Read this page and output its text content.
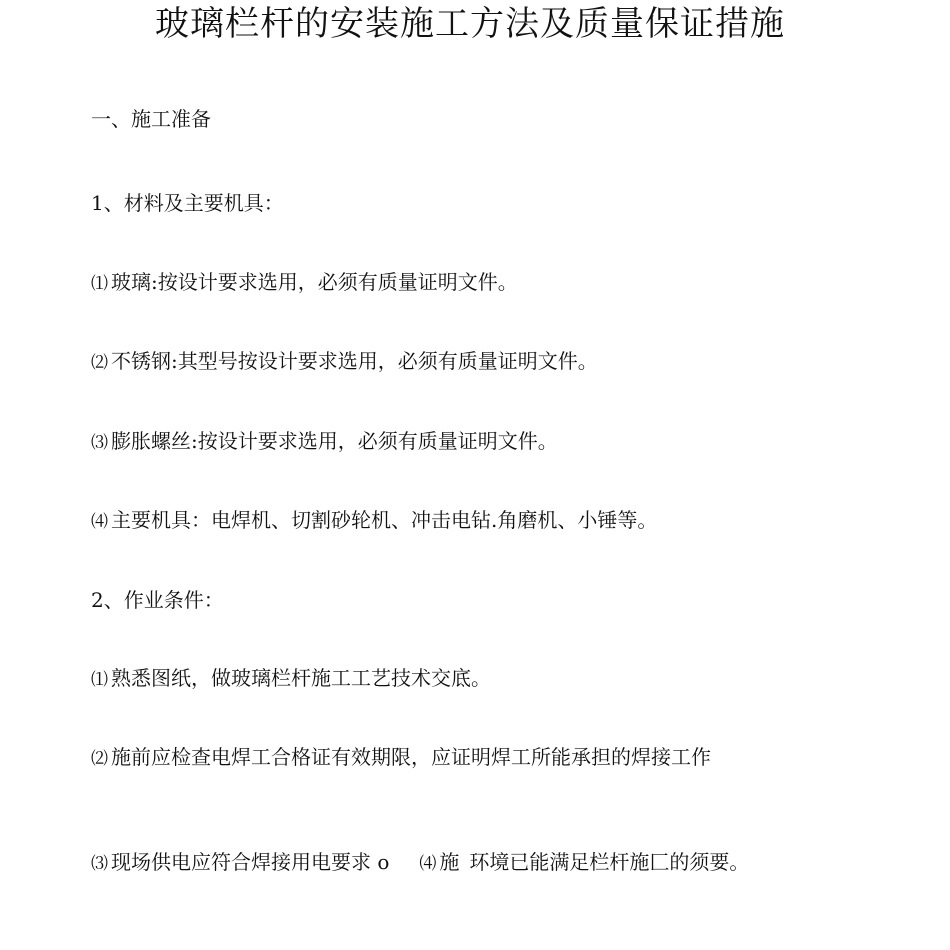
玻璃栏杆的安装施工方法及质量保证措施
一、施工准备
1、材料及主要机具：
⑴ 玻璃:按设计要求选用，必须有质量证明文件。
⑵ 不锈钢:其型号按设计要求选用，必须有质量证明文件。
⑶ 膨胀螺丝:按设计要求选用，必须有质量证明文件。
⑷ 主要机具：电焊机、切割砂轮机、冲击电钻.角磨机、小锤等。
2、作业条件：
⑴ 熟悉图纸，做玻璃栏杆施工工艺技术交底。
⑵ 施前应检查电焊工合格证有效期限，应证明焊工所能承担的焊接工作
⑶ 现场供电应符合焊接用电要求 o ⑷ 施 环境已能满足栏杆施匚的须要。
